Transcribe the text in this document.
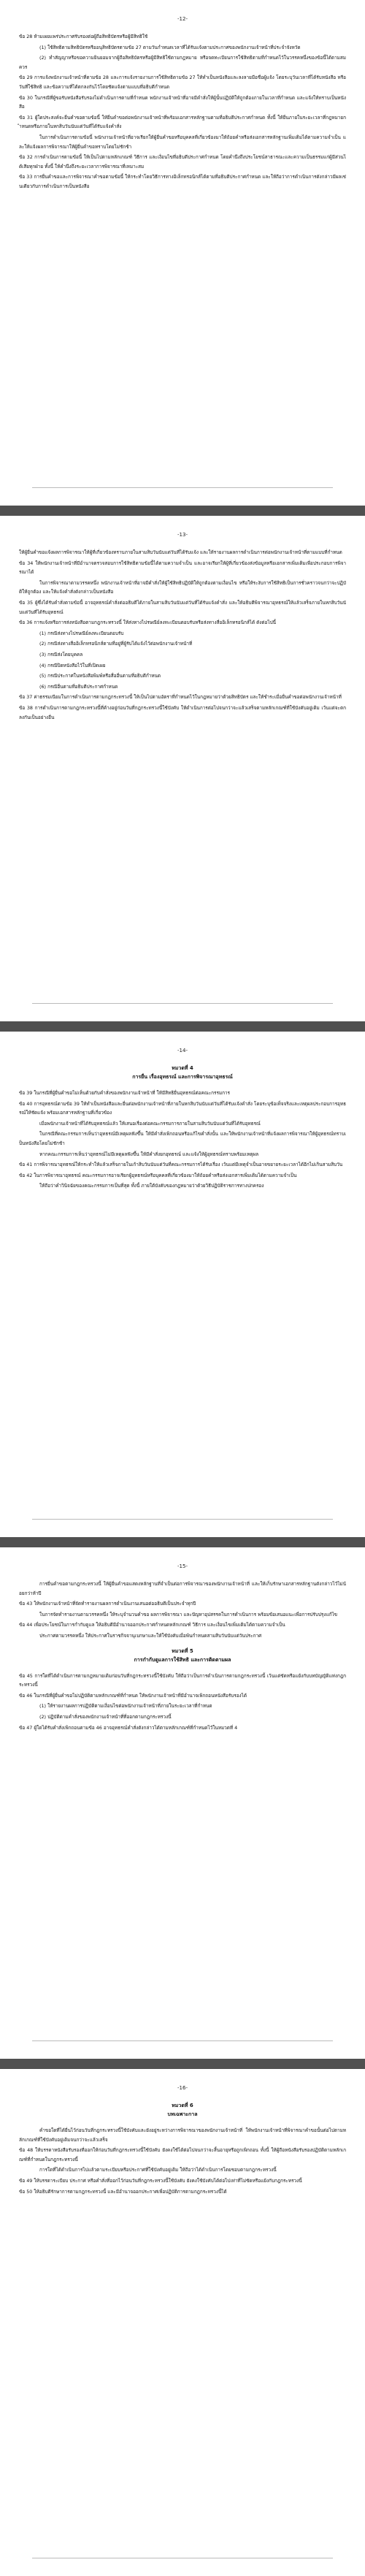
-12-

ข้อ 28 ห้ามเผยแพร่ประกาศรับรองต่อผู้ถือสิทธิบัตรหรือผู้มีสิทธิใช้

(1) ใช้สิทธิตามสิทธิบัตรหรืออนุสิทธิบัตรตามข้อ 27 ตามวันกำหนดเวลาที่ได้รับแจ้งตามประกาศของพนักงานเจ้าหน้าที่ประจำจังหวัด

(2) ทำสัญญาหรือขอความยินยอมจากผู้ถือสิทธิบัตรหรือผู้มีสิทธิใช้ตามกฎหมาย หรือจดทะเบียนการใช้สิทธิตามที่กำหนดไว้ในวรรคหนึ่งของข้อนี้ได้ตามสมควร

ข้อ 29 การแจ้งพนักงานเจ้าหน้าที่ตามข้อ 28 และการแจ้งรายงานการใช้สิทธิตามข้อ 27 ให้ทำเป็นหนังสือและลงลายมือชื่อผู้แจ้ง โดยระบุวันเวลาที่ได้รับหนังสือ หรือวันที่ใช้สิทธิ และข้อความที่ได้ตกลงกันไว้โดยชัดแจ้งตามแบบที่อธิบดีกำหนด

ข้อ 30 ในกรณีที่ผู้ขอรับหนังสือรับรองไม่ดำเนินการตามที่กำหนด พนักงานเจ้าหน้าที่อาจมีคำสั่งให้ผู้นั้นปฏิบัติให้ถูกต้องภายในเวลาที่กำหนด และแจ้งให้ทราบเป็นหนังสือ

ข้อ 31 ผู้ใดประสงค์จะยื่นคำขอตามข้อนี้ ให้ยื่นคำขอต่อพนักงานเจ้าหน้าที่พร้อมเอกสารหลักฐานตามที่อธิบดีประกาศกำหนด ทั้งนี้ ให้ยื่นภายในระยะเวลาที่กฎหมายกำหนดหรือภายในหกสิบวันนับแต่วันที่ได้รับแจ้งคำสั่ง

ในการดำเนินการตามข้อนี้ พนักงานเจ้าหน้าที่อาจเรียกให้ผู้ยื่นคำขอหรือบุคคลที่เกี่ยวข้องมาให้ถ้อยคำหรือส่งเอกสารหลักฐานเพิ่มเติมได้ตามความจำเป็น และให้แจ้งผลการพิจารณาให้ผู้ยื่นคำขอทราบโดยไม่ชักช้า

ข้อ 32 การดำเนินการตามข้อนี้ ให้เป็นไปตามหลักเกณฑ์ วิธีการ และเงื่อนไขที่อธิบดีประกาศกำหนด โดยคำนึงถึงประโยชน์สาธารณะและความเป็นธรรมแก่ผู้มีส่วนได้เสียทุกฝ่าย ทั้งนี้ ให้คำนึงถึงระยะเวลาการพิจารณาที่เหมาะสม

ข้อ 33 การยื่นคำขอและการพิจารณาคำขอตามข้อนี้ ให้กระทำโดยวิธีการทางอิเล็กทรอนิกส์ได้ตามที่อธิบดีประกาศกำหนด และให้ถือว่าการดำเนินการดังกล่าวมีผลเช่นเดียวกับการดำเนินการเป็นหนังสือ

-13-

ให้ผู้ยื่นคำขอแจ้งผลการพิจารณาให้ผู้ที่เกี่ยวข้องทราบภายในสามสิบวันนับแต่วันที่ได้รับแจ้ง และให้รายงานผลการดำเนินการต่อพนักงานเจ้าหน้าที่ตามแบบที่กำหนด

ข้อ 34 ให้พนักงานเจ้าหน้าที่มีอำนาจตรวจสอบการใช้สิทธิตามข้อนี้ได้ตามความจำเป็น และอาจเรียกให้ผู้ที่เกี่ยวข้องส่งข้อมูลหรือเอกสารเพิ่มเติมเพื่อประกอบการพิจารณาได้

ในการพิจารณาตามวรรคหนึ่ง พนักงานเจ้าหน้าที่อาจมีคำสั่งให้ผู้ใช้สิทธิปฏิบัติให้ถูกต้องตามเงื่อนไข หรือให้ระงับการใช้สิทธิเป็นการชั่วคราวจนกว่าจะปฏิบัติให้ถูกต้อง และให้แจ้งคำสั่งดังกล่าวเป็นหนังสือ

ข้อ 35 ผู้ซึ่งได้รับคำสั่งตามข้อนี้ อาจอุทธรณ์คำสั่งต่ออธิบดีได้ภายในสามสิบวันนับแต่วันที่ได้รับแจ้งคำสั่ง และให้อธิบดีพิจารณาอุทธรณ์ให้แล้วเสร็จภายในหกสิบวันนับแต่วันที่ได้รับอุทธรณ์

ข้อ 36 การแจ้งหรือการส่งหนังสือตามกฎกระทรวงนี้ ให้ส่งทางไปรษณีย์ลงทะเบียนตอบรับหรือส่งทางสื่ออิเล็กทรอนิกส์ได้ ดังต่อไปนี้

(1) กรณีส่งทางไปรษณีย์ลงทะเบียนตอบรับ

(2) กรณีส่งทางสื่ออิเล็กทรอนิกส์ตามที่อยู่ที่ผู้รับได้แจ้งไว้ต่อพนักงานเจ้าหน้าที่

(3) กรณีส่งโดยบุคคล

(4) กรณีปิดหนังสือไว้ในที่เปิดเผย

(5) กรณีประกาศในหนังสือพิมพ์หรือสื่ออื่นตามที่อธิบดีกำหนด

(6) กรณีอื่นตามที่อธิบดีประกาศกำหนด

ข้อ 37 ค่าธรรมเนียมในการดำเนินการตามกฎกระทรวงนี้ ให้เป็นไปตามอัตราที่กำหนดไว้ในกฎหมายว่าด้วยสิทธิบัตร และให้ชำระเมื่อยื่นคำขอต่อพนักงานเจ้าหน้าที่

ข้อ 38 การดำเนินการตามกฎกระทรวงนี้ที่ค้างอยู่ก่อนวันที่กฎกระทรวงนี้ใช้บังคับ ให้ดำเนินการต่อไปจนกว่าจะแล้วเสร็จตามหลักเกณฑ์ที่ใช้บังคับอยู่เดิม เว้นแต่จะตกลงกันเป็นอย่างอื่น

-14-

หมวดที่ 4

การยื่น เรื่องอุทธรณ์ และการพิจารณาอุทธรณ์

ข้อ 39 ในกรณีที่ผู้ยื่นคำขอไม่เห็นด้วยกับคำสั่งของพนักงานเจ้าหน้าที่ ให้มีสิทธิยื่นอุทธรณ์ต่อคณะกรรมการ

ข้อ 40 การอุทธรณ์ตามข้อ 39 ให้ทำเป็นหนังสือและยื่นต่อพนักงานเจ้าหน้าที่ภายในหกสิบวันนับแต่วันที่ได้รับแจ้งคำสั่ง โดยระบุข้อเท็จจริงและเหตุผลประกอบการอุทธรณ์ให้ชัดแจ้ง พร้อมเอกสารหลักฐานที่เกี่ยวข้อง

เมื่อพนักงานเจ้าหน้าที่ได้รับอุทธรณ์แล้ว ให้เสนอเรื่องต่อคณะกรรมการภายในสามสิบวันนับแต่วันที่ได้รับอุทธรณ์

ในกรณีที่คณะกรรมการเห็นว่าอุทธรณ์มีเหตุผลฟังขึ้น ให้มีคำสั่งเพิกถอนหรือแก้ไขคำสั่งนั้น และให้พนักงานเจ้าหน้าที่แจ้งผลการพิจารณาให้ผู้อุทธรณ์ทราบเป็นหนังสือโดยไม่ชักช้า

หากคณะกรรมการเห็นว่าอุทธรณ์ไม่มีเหตุผลฟังขึ้น ให้มีคำสั่งยกอุทธรณ์ และแจ้งให้ผู้อุทธรณ์ทราบพร้อมเหตุผล

ข้อ 41 การพิจารณาอุทธรณ์ให้กระทำให้แล้วเสร็จภายในเก้าสิบวันนับแต่วันที่คณะกรรมการได้รับเรื่อง เว้นแต่มีเหตุจำเป็นอาจขยายระยะเวลาได้อีกไม่เกินสามสิบวัน

ข้อ 42 ในการพิจารณาอุทธรณ์ คณะกรรมการอาจเรียกผู้อุทธรณ์หรือบุคคลที่เกี่ยวข้องมาให้ถ้อยคำหรือส่งเอกสารเพิ่มเติมได้ตามความจำเป็น

ให้ถือว่าคำวินิจฉัยของคณะกรรมการเป็นที่สุด ทั้งนี้ ภายใต้บังคับของกฎหมายว่าด้วยวิธีปฏิบัติราชการทางปกครอง

-15-

การยื่นคำขอตามกฎกระทรวงนี้ ให้ผู้ยื่นคำขอแสดงหลักฐานที่จำเป็นต่อการพิจารณาของพนักงานเจ้าหน้าที่ และให้เก็บรักษาเอกสารหลักฐานดังกล่าวไว้ไม่น้อยกว่าห้าปี

ข้อ 43 ให้พนักงานเจ้าหน้าที่จัดทำรายงานผลการดำเนินงานเสนอต่ออธิบดีเป็นประจำทุกปี

ในการจัดทำรายงานตามวรรคหนึ่ง ให้ระบุจำนวนคำขอ ผลการพิจารณา และปัญหาอุปสรรคในการดำเนินการ พร้อมข้อเสนอแนะเพื่อการปรับปรุงแก้ไข

ข้อ 44 เพื่อประโยชน์ในการกำกับดูแล ให้อธิบดีมีอำนาจออกประกาศกำหนดหลักเกณฑ์ วิธีการ และเงื่อนไขเพิ่มเติมได้ตามความจำเป็น

ประกาศตามวรรคหนึ่ง ให้ประกาศในราชกิจจานุเบกษาและให้ใช้บังคับเมื่อพ้นกำหนดสามสิบวันนับแต่วันประกาศ

หมวดที่ 5

การกำกับดูแลการใช้สิทธิ และการติดตามผล

ข้อ 45 การใดที่ได้ดำเนินการตามกฎหมายเดิมก่อนวันที่กฎกระทรวงนี้ใช้บังคับ ให้ถือว่าเป็นการดำเนินการตามกฎกระทรวงนี้ เว้นแต่ขัดหรือแย้งกับบทบัญญัติแห่งกฎกระทรวงนี้

ข้อ 46 ในกรณีที่ผู้ยื่นคำขอไม่ปฏิบัติตามหลักเกณฑ์ที่กำหนด ให้พนักงานเจ้าหน้าที่มีอำนาจเพิกถอนหนังสือรับรองได้

(1) ให้รายงานผลการปฏิบัติตามเงื่อนไขต่อพนักงานเจ้าหน้าที่ภายในระยะเวลาที่กำหนด

(2) ปฏิบัติตามคำสั่งของพนักงานเจ้าหน้าที่ที่ออกตามกฎกระทรวงนี้

ข้อ 47 ผู้ใดได้รับคำสั่งเพิกถอนตามข้อ 46 อาจอุทธรณ์คำสั่งดังกล่าวได้ตามหลักเกณฑ์ที่กำหนดไว้ในหมวดที่ 4

-16-

หมวดที่ 6

บทเฉพาะกาล

คำขอใดที่ได้ยื่นไว้ก่อนวันที่กฎกระทรวงนี้ใช้บังคับและยังอยู่ระหว่างการพิจารณาของพนักงานเจ้าหน้าที่ ให้พนักงานเจ้าหน้าที่พิจารณาคำขอนั้นต่อไปตามหลักเกณฑ์ที่ใช้บังคับอยู่เดิมจนกว่าจะแล้วเสร็จ

ข้อ 48 ให้บรรดาหนังสือรับรองที่ออกให้ก่อนวันที่กฎกระทรวงนี้ใช้บังคับ ยังคงใช้ได้ต่อไปจนกว่าจะสิ้นอายุหรือถูกเพิกถอน ทั้งนี้ ให้ผู้ถือหนังสือรับรองปฏิบัติตามหลักเกณฑ์ที่กำหนดในกฎกระทรวงนี้

การใดที่ได้ดำเนินการไปแล้วตามระเบียบหรือประกาศที่ใช้บังคับอยู่เดิม ให้ถือว่าได้ดำเนินการโดยชอบตามกฎกระทรวงนี้

ข้อ 49 ให้บรรดาระเบียบ ประกาศ หรือคำสั่งที่ออกไว้ก่อนวันที่กฎกระทรวงนี้ใช้บังคับ ยังคงใช้บังคับได้ต่อไปเท่าที่ไม่ขัดหรือแย้งกับกฎกระทรวงนี้

ข้อ 50 ให้อธิบดีรักษาการตามกฎกระทรวงนี้ และมีอำนาจออกประกาศเพื่อปฏิบัติการตามกฎกระทรวงนี้ได้
